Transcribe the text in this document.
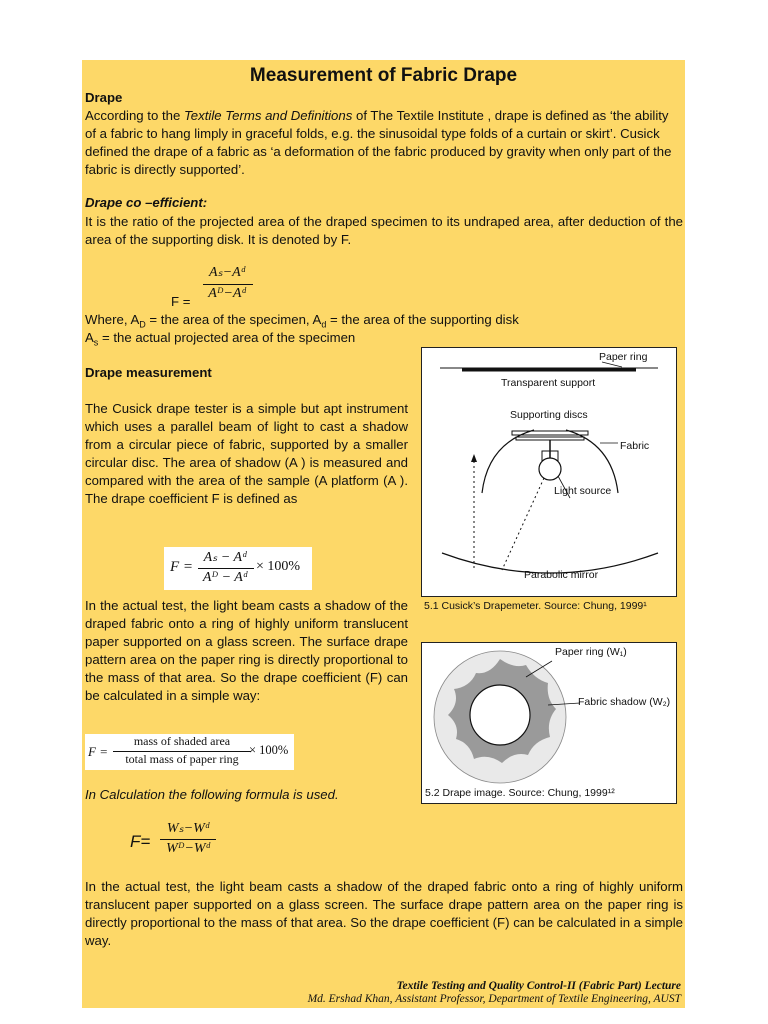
Measurement of Fabric Drape
Drape
According to the Textile Terms and Definitions of The Textile Institute , drape is defined as ‘the ability of a fabric to hang limply in graceful folds, e.g. the sinusoidal type folds of a curtain or skirt’. Cusick defined the drape of a fabric as ‘a deformation of the fabric produced by gravity when only part of the fabric is directly supported’.
Drape co –efficient:
It is the ratio of the projected area of the draped specimen to its undraped area, after deduction of the area of the supporting disk. It is denoted by F.
Aₛ−Aᵈ
Aᴰ−Aᵈ
F =
Where, $A_D$ = the area of the specimen, $A_d$ = the area of the supporting disk
$A_s$ = the actual projected area of the specimen
Drape measurement
The Cusick drape tester is a simple but apt instrument which uses a parallel beam of light to cast a shadow from a circular piece of fabric, supported by a smaller circular disc. The area of shadow (A ) is measured and compared with the area of the sample (A platform (A ). The drape coefficient F is defined as
F =
Aₛ − Aᵈ
Aᴰ − Aᵈ
× 100%
In the actual test, the light beam casts a shadow of the draped fabric onto a ring of highly uniform translucent paper supported on a glass screen. The surface drape pattern area on the paper ring is directly proportional to the mass of that area. So the drape coefficient (F) can be calculated in a simple way:
F =
mass of shaded area
total mass of paper ring
× 100%
In Calculation the following formula is used.
F=
Wₛ−Wᵈ
Wᴰ−Wᵈ
In the actual test, the light beam casts a shadow of the draped fabric onto a ring of highly uniform translucent paper supported on a glass screen. The surface drape pattern area on the paper ring is directly proportional to the mass of that area. So the drape coefficient (F) can be calculated in a simple way.
Textile Testing and Quality Control-II (Fabric Part) Lecture
Md. Ershad Khan, Assistant Professor, Department of Textile Engineering, AUST
Paper ring
Transparent support
Supporting discs
Fabric
Light source
Parabolic mirror
5.1 Cusick’s Drapemeter. Source: Chung, 1999¹
Paper ring (W₁)
Fabric shadow (W₂)
5.2 Drape image. Source: Chung, 1999¹²
